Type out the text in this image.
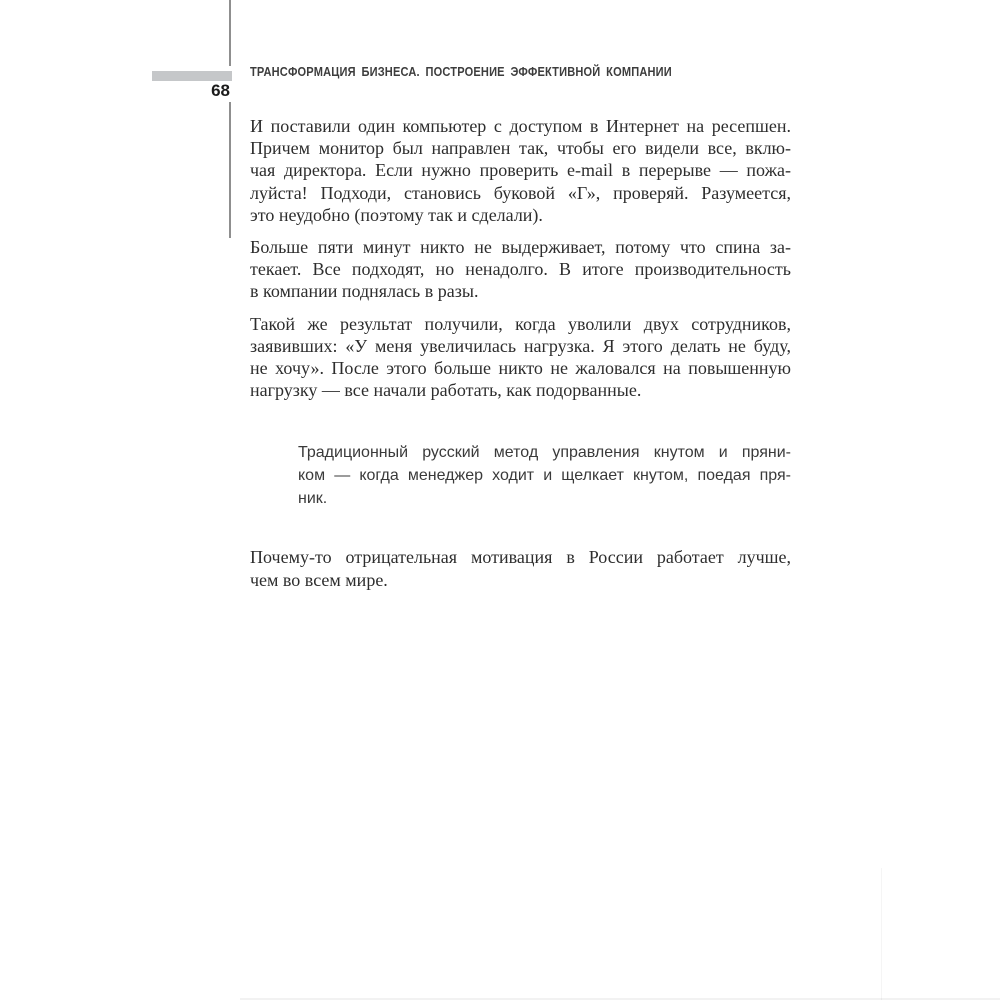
68
ТРАНСФОРМАЦИЯ БИЗНЕСА. ПОСТРОЕНИЕ ЭФФЕКТИВНОЙ КОМПАНИИ
И поставили один компьютер с доступом в Интернет на ресепшен.
Причем монитор был направлен так, чтобы его видели все, вклю-
чая директора. Если нужно проверить e-mail в перерыве — пожа-
луйста! Подходи, становись буковой «Г», проверяй. Разумеется,
это неудобно (поэтому так и сделали).
Больше пяти минут никто не выдерживает, потому что спина за-
текает. Все подходят, но ненадолго. В итоге производительность
в компании поднялась в разы.
Такой же результат получили, когда уволили двух сотрудников,
заявивших: «У меня увеличилась нагрузка. Я этого делать не буду,
не хочу». После этого больше никто не жаловался на повышенную
нагрузку — все начали работать, как подорванные.
Традиционный русский метод управления кнутом и пряни-
ком — когда менеджер ходит и щелкает кнутом, поедая пря-
ник.
Почему-то отрицательная мотивация в России работает лучше,
чем во всем мире.
